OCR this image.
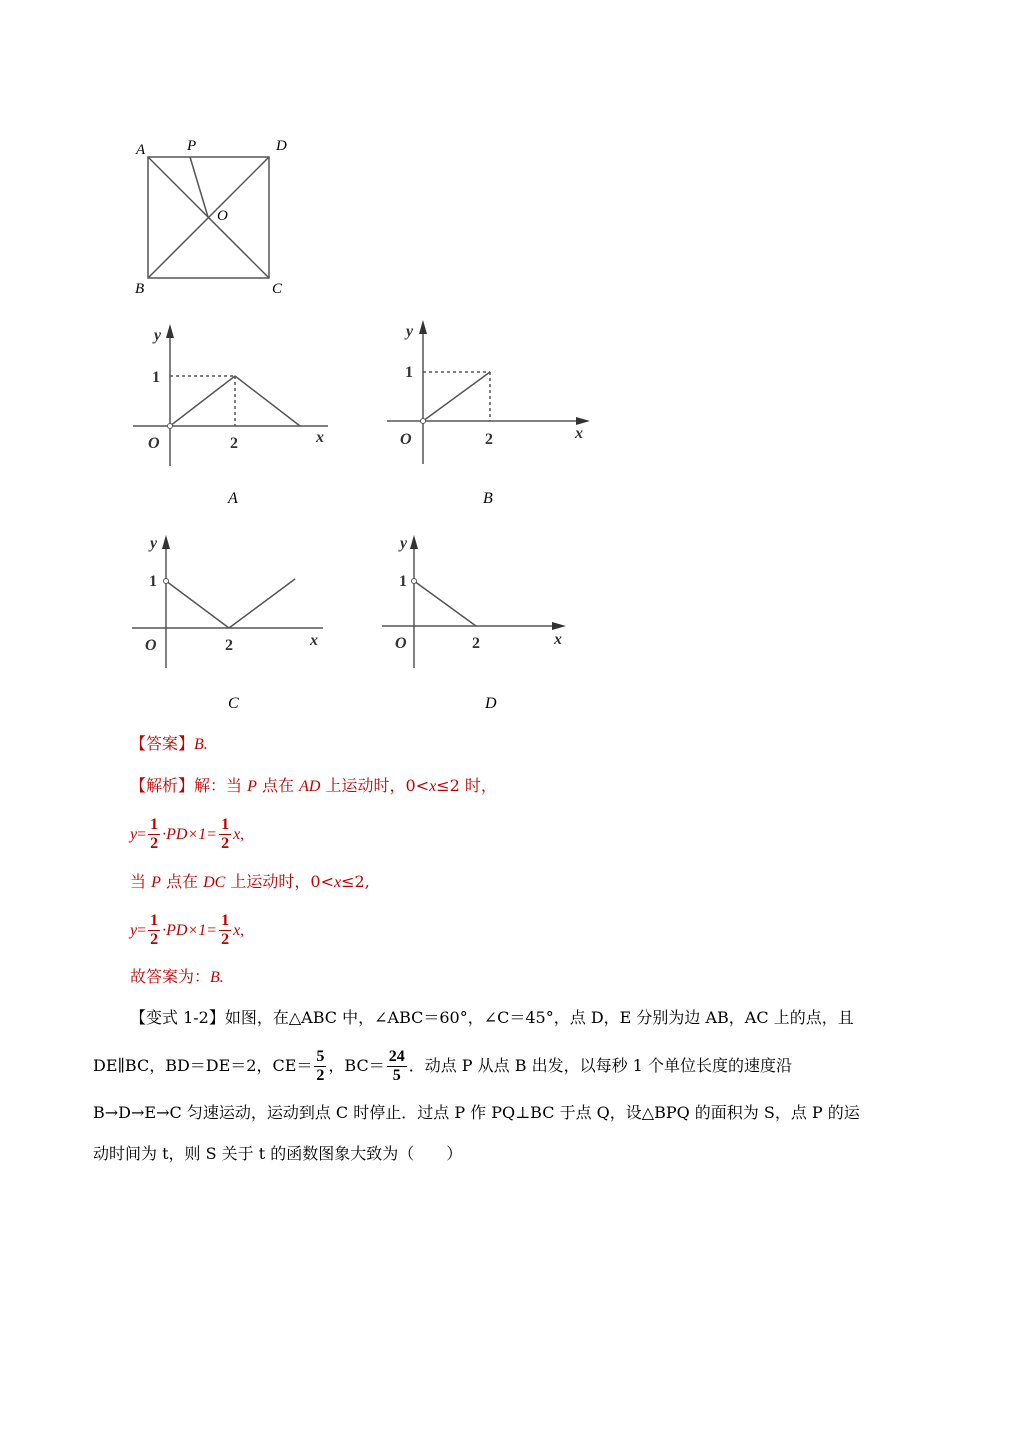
A	P	D
O
B	C
y
1
O	2	x
A
y
1
O	2	x
B
y
1
O	2	x
C
y
1
O	2	x
D
【答案】B.
【解析】解：当 P 点在 AD 上运动时，0<x≤2 时，
$y= \frac{1}{2} \cdot PD\times 1= \frac{1}{2} x$,
当 P 点在 DC 上运动时，0<x≤2,
$y= \frac{1}{2} \cdot PD\times 1= \frac{1}{2} x$,
故答案为：B.
【变式 1-2】如图，在△ABC 中，∠ABC＝60°，∠C＝45°，点 D，E 分别为边 AB，AC 上的点，且
DE∥BC，BD＝DE＝2，$CE= \frac{5}{2}$ ，$BC= \frac{24}{5}$ ．动点 P 从点 B 出发，以每秒 1 个单位长度的速度沿
B→D→E→C 匀速运动，运动到点 C 时停止．过点 P 作 PQ⊥BC 于点 Q，设△BPQ 的面积为 S，点 P 的运
动时间为 t，则 S 关于 t 的函数图象大致为（　　）
